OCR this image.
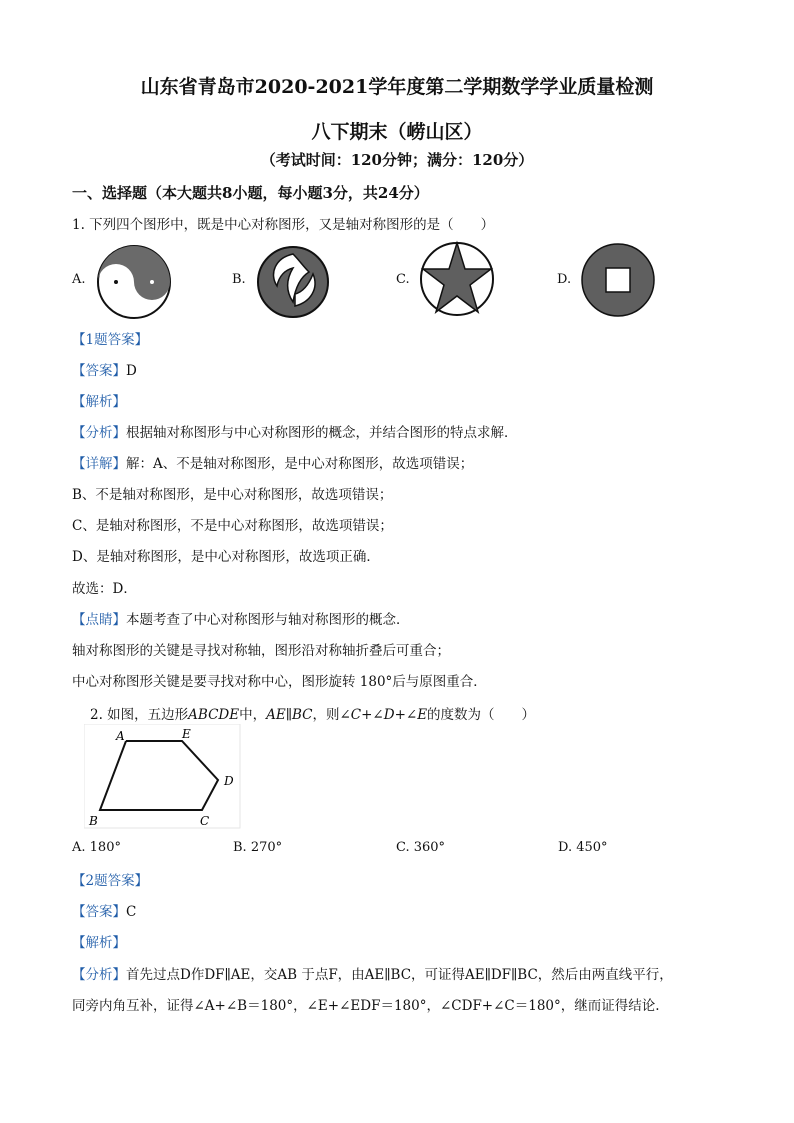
山东省青岛市2020-2021学年度第二学期数学学业质量检测
八下期末（崂山区）
（考试时间：120分钟；满分：120分）
一、选择题（本大题共8小题，每小题3分，共24分）
1. 下列四个图形中，既是中心对称图形，又是轴对称图形的是（　　）
A.	B.	C.	D.
【1题答案】
【答案】D
【解析】
【分析】根据轴对称图形与中心对称图形的概念，并结合图形的特点求解．
【详解】解：A、不是轴对称图形，是中心对称图形，故选项错误；
B、不是轴对称图形，是中心对称图形，故选项错误；
C、是轴对称图形，不是中心对称图形，故选项错误；
D、是轴对称图形，是中心对称图形，故选项正确．
故选：D．
【点睛】本题考查了中心对称图形与轴对称图形的概念．
轴对称图形的关键是寻找对称轴，图形沿对称轴折叠后可重合；
中心对称图形关键是要寻找对称中心，图形旋转 180°后与原图重合．
2. 如图，五边形ABCDE中，AE∥BC，则∠C+∠D+∠E的度数为（　　）
A	E
D
C
B
A. 180°	B. 270°	C. 360°	D. 450°
【2题答案】
【答案】C
【解析】
【分析】首先过点D作DF∥AE，交AB 于点F，由AE∥BC，可证得AE∥DF∥BC，然后由两直线平行，
同旁内角互补，证得∠A+∠B＝180°，∠E+∠EDF＝180°，∠CDF+∠C＝180°，继而证得结论.
